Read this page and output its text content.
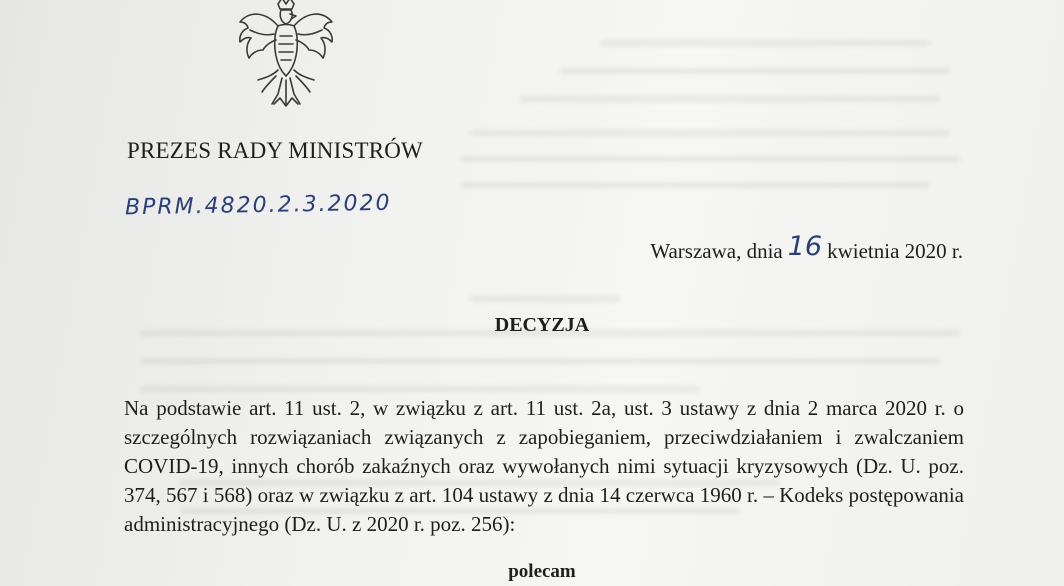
PREZES RADY MINISTRÓW
BPRM.4820.2.3.2020
Warszawa, dnia 16 kwietnia 2020 r.
DECYZJA

Na podstawie art. 11 ust. 2, w związku z art. 11 ust. 2a, ust. 3 ustawy z dnia 2 marca 2020 r. o szczególnych rozwiązaniach związanych z zapobieganiem, przeciwdziałaniem i zwalczaniem COVID-19, innych chorób zakaźnych oraz wywołanych nimi sytuacji kryzysowych (Dz. U. poz. 374, 567 i 568) oraz w związku z art. 104 ustawy z dnia 14 czerwca 1960 r. – Kodeks postępowania administracyjnego (Dz. U. z 2020 r. poz. 256):

polecam
